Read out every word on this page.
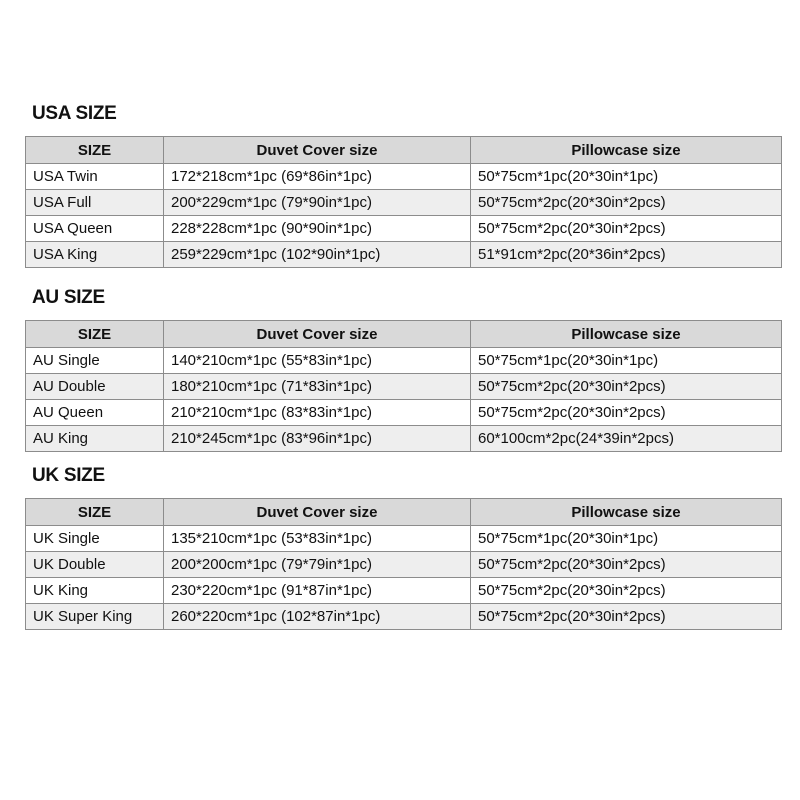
USA SIZE
SIZE	Duvet Cover size	Pillowcase size
USA Twin	172*218cm*1pc (69*86in*1pc)	50*75cm*1pc(20*30in*1pc)
USA Full	200*229cm*1pc (79*90in*1pc)	50*75cm*2pc(20*30in*2pcs)
USA Queen	228*228cm*1pc (90*90in*1pc)	50*75cm*2pc(20*30in*2pcs)
USA King	259*229cm*1pc (102*90in*1pc)	51*91cm*2pc(20*36in*2pcs)
AU SIZE
SIZE	Duvet Cover size	Pillowcase size
AU Single	140*210cm*1pc (55*83in*1pc)	50*75cm*1pc(20*30in*1pc)
AU Double	180*210cm*1pc (71*83in*1pc)	50*75cm*2pc(20*30in*2pcs)
AU Queen	210*210cm*1pc (83*83in*1pc)	50*75cm*2pc(20*30in*2pcs)
AU King	210*245cm*1pc (83*96in*1pc)	60*100cm*2pc(24*39in*2pcs)
UK SIZE
SIZE	Duvet Cover size	Pillowcase size
UK Single	135*210cm*1pc (53*83in*1pc)	50*75cm*1pc(20*30in*1pc)
UK Double	200*200cm*1pc (79*79in*1pc)	50*75cm*2pc(20*30in*2pcs)
UK King	230*220cm*1pc (91*87in*1pc)	50*75cm*2pc(20*30in*2pcs)
UK Super King	260*220cm*1pc (102*87in*1pc)	50*75cm*2pc(20*30in*2pcs)
